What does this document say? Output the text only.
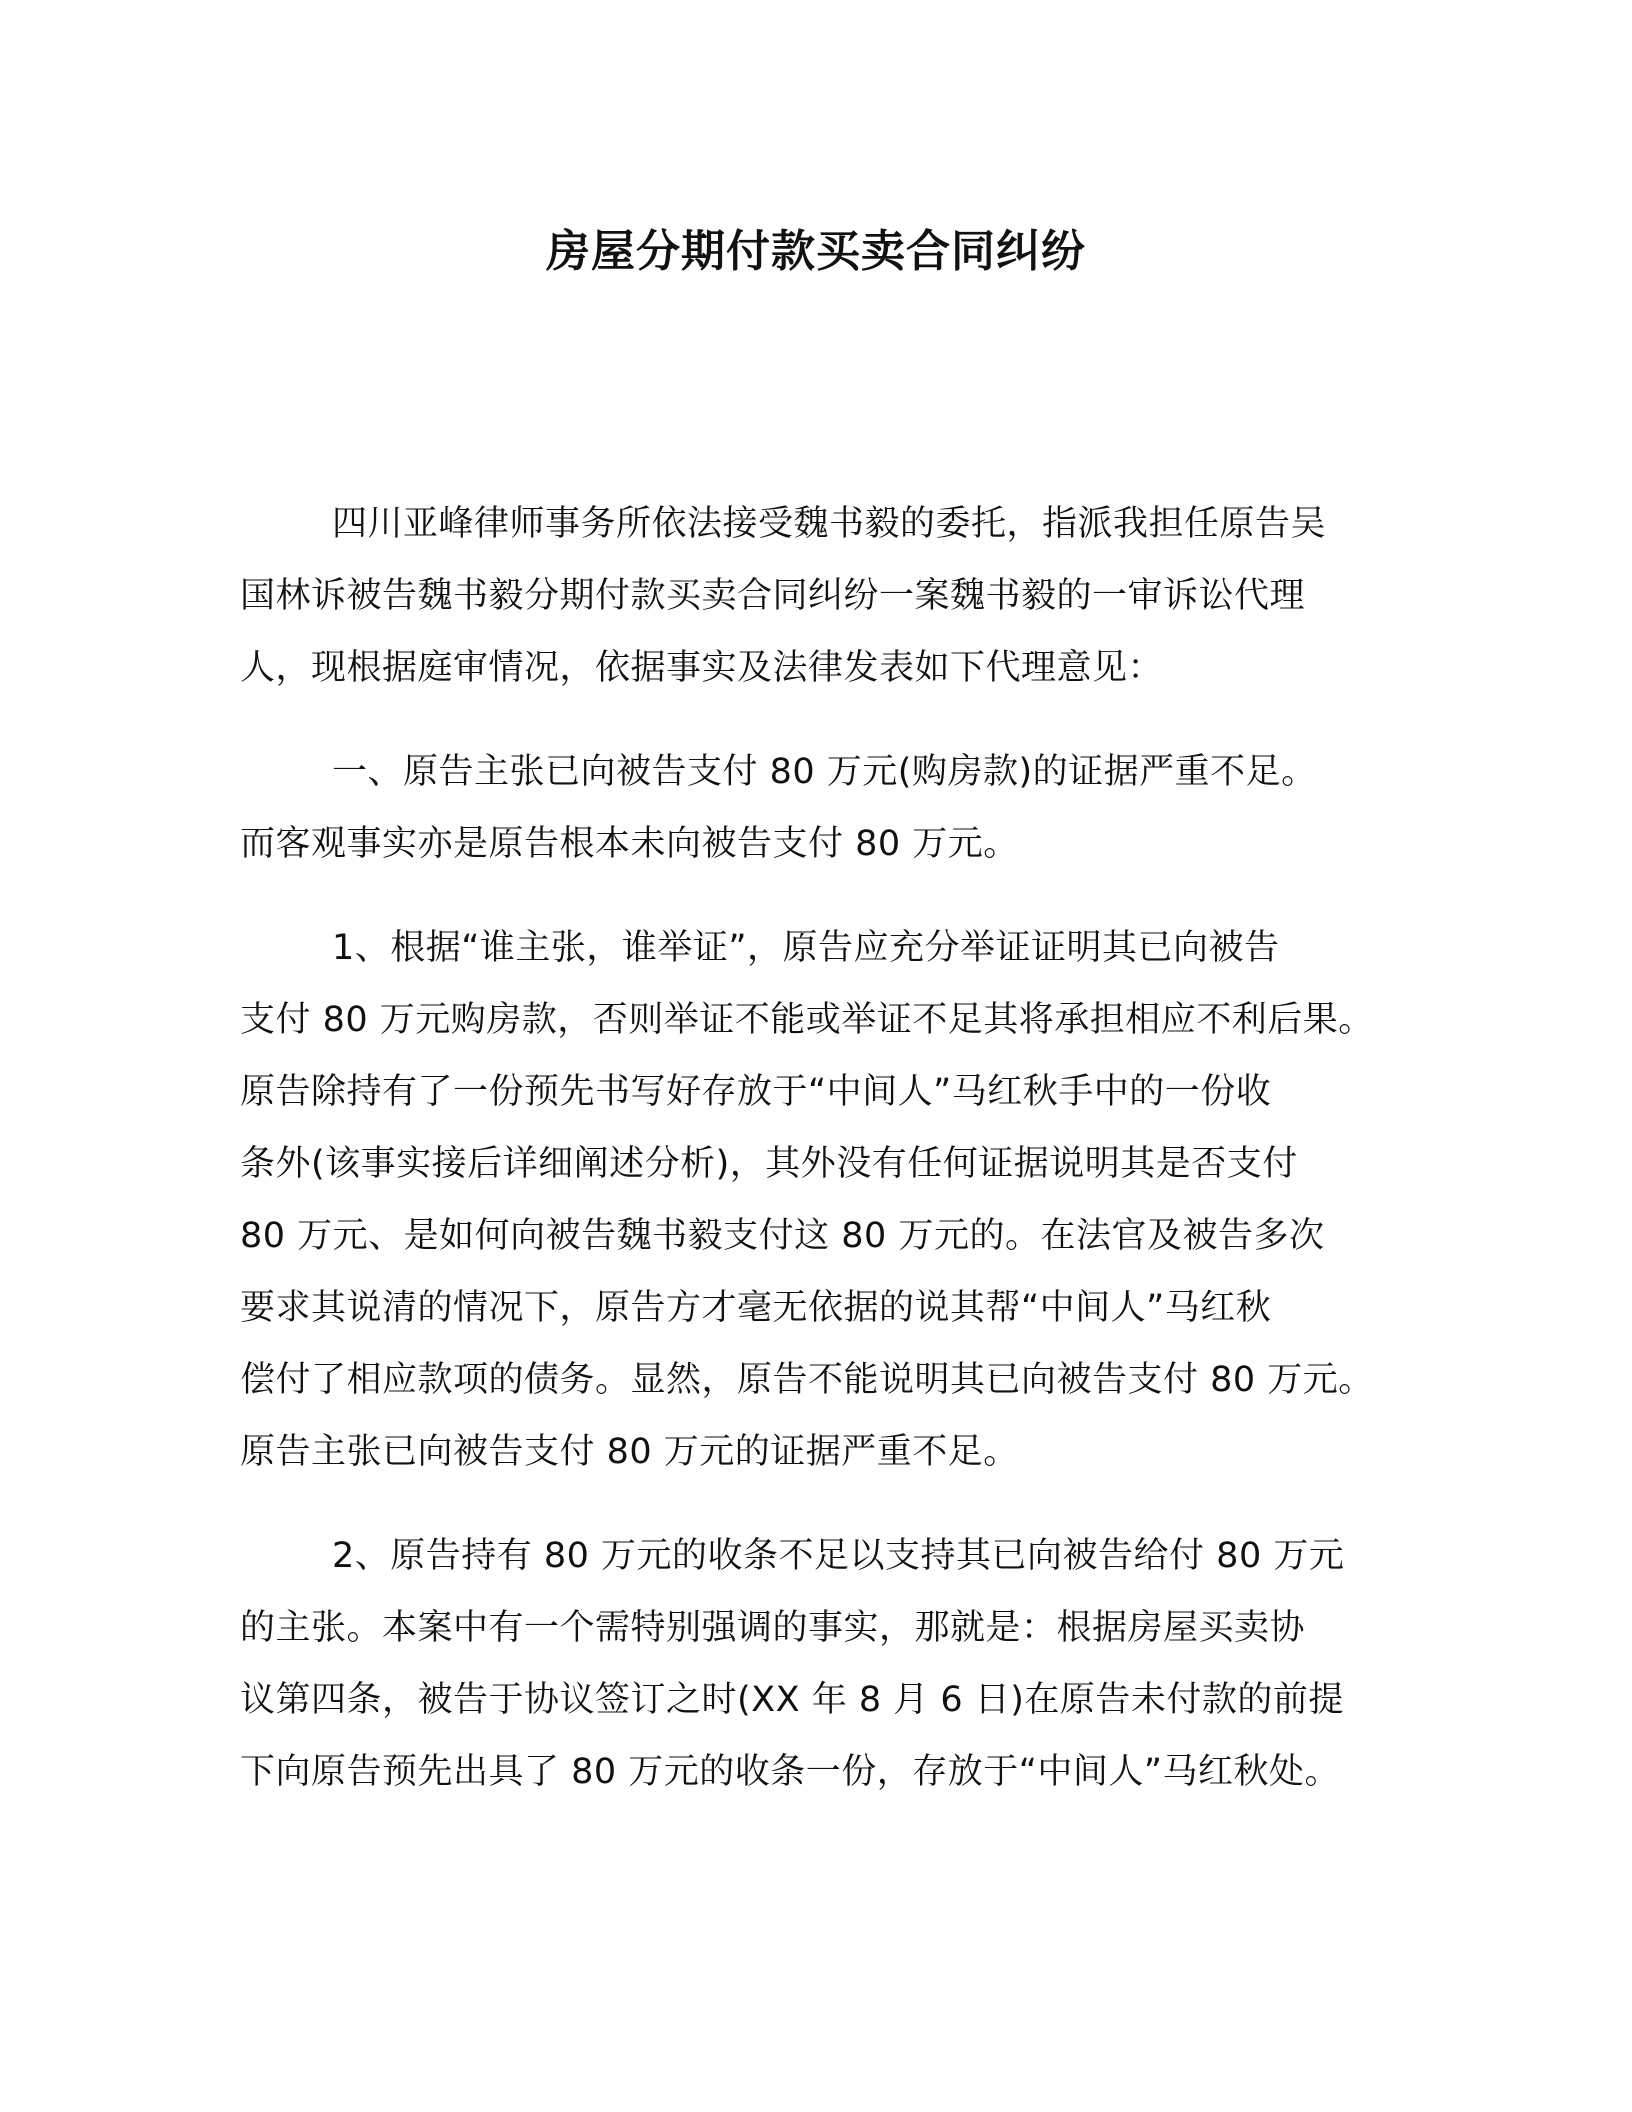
房屋分期付款买卖合同纠纷

四川亚峰律师事务所依法接受魏书毅的委托，指派我担任原告吴
国林诉被告魏书毅分期付款买卖合同纠纷一案魏书毅的一审诉讼代理
人，现根据庭审情况，依据事实及法律发表如下代理意见：

一、原告主张已向被告支付 80 万元(购房款)的证据严重不足。
而客观事实亦是原告根本未向被告支付 80 万元。

1、根据“谁主张，谁举证”，原告应充分举证证明其已向被告
支付 80 万元购房款，否则举证不能或举证不足其将承担相应不利后果。
原告除持有了一份预先书写好存放于“中间人”马红秋手中的一份收
条外(该事实接后详细阐述分析)，其外没有任何证据说明其是否支付
80 万元、是如何向被告魏书毅支付这 80 万元的。在法官及被告多次
要求其说清的情况下，原告方才毫无依据的说其帮“中间人”马红秋
偿付了相应款项的债务。显然，原告不能说明其已向被告支付 80 万元。
原告主张已向被告支付 80 万元的证据严重不足。

2、原告持有 80 万元的收条不足以支持其已向被告给付 80 万元
的主张。本案中有一个需特别强调的事实，那就是：根据房屋买卖协
议第四条，被告于协议签订之时(XX 年 8 月 6 日)在原告未付款的前提
下向原告预先出具了 80 万元的收条一份，存放于“中间人”马红秋处。
